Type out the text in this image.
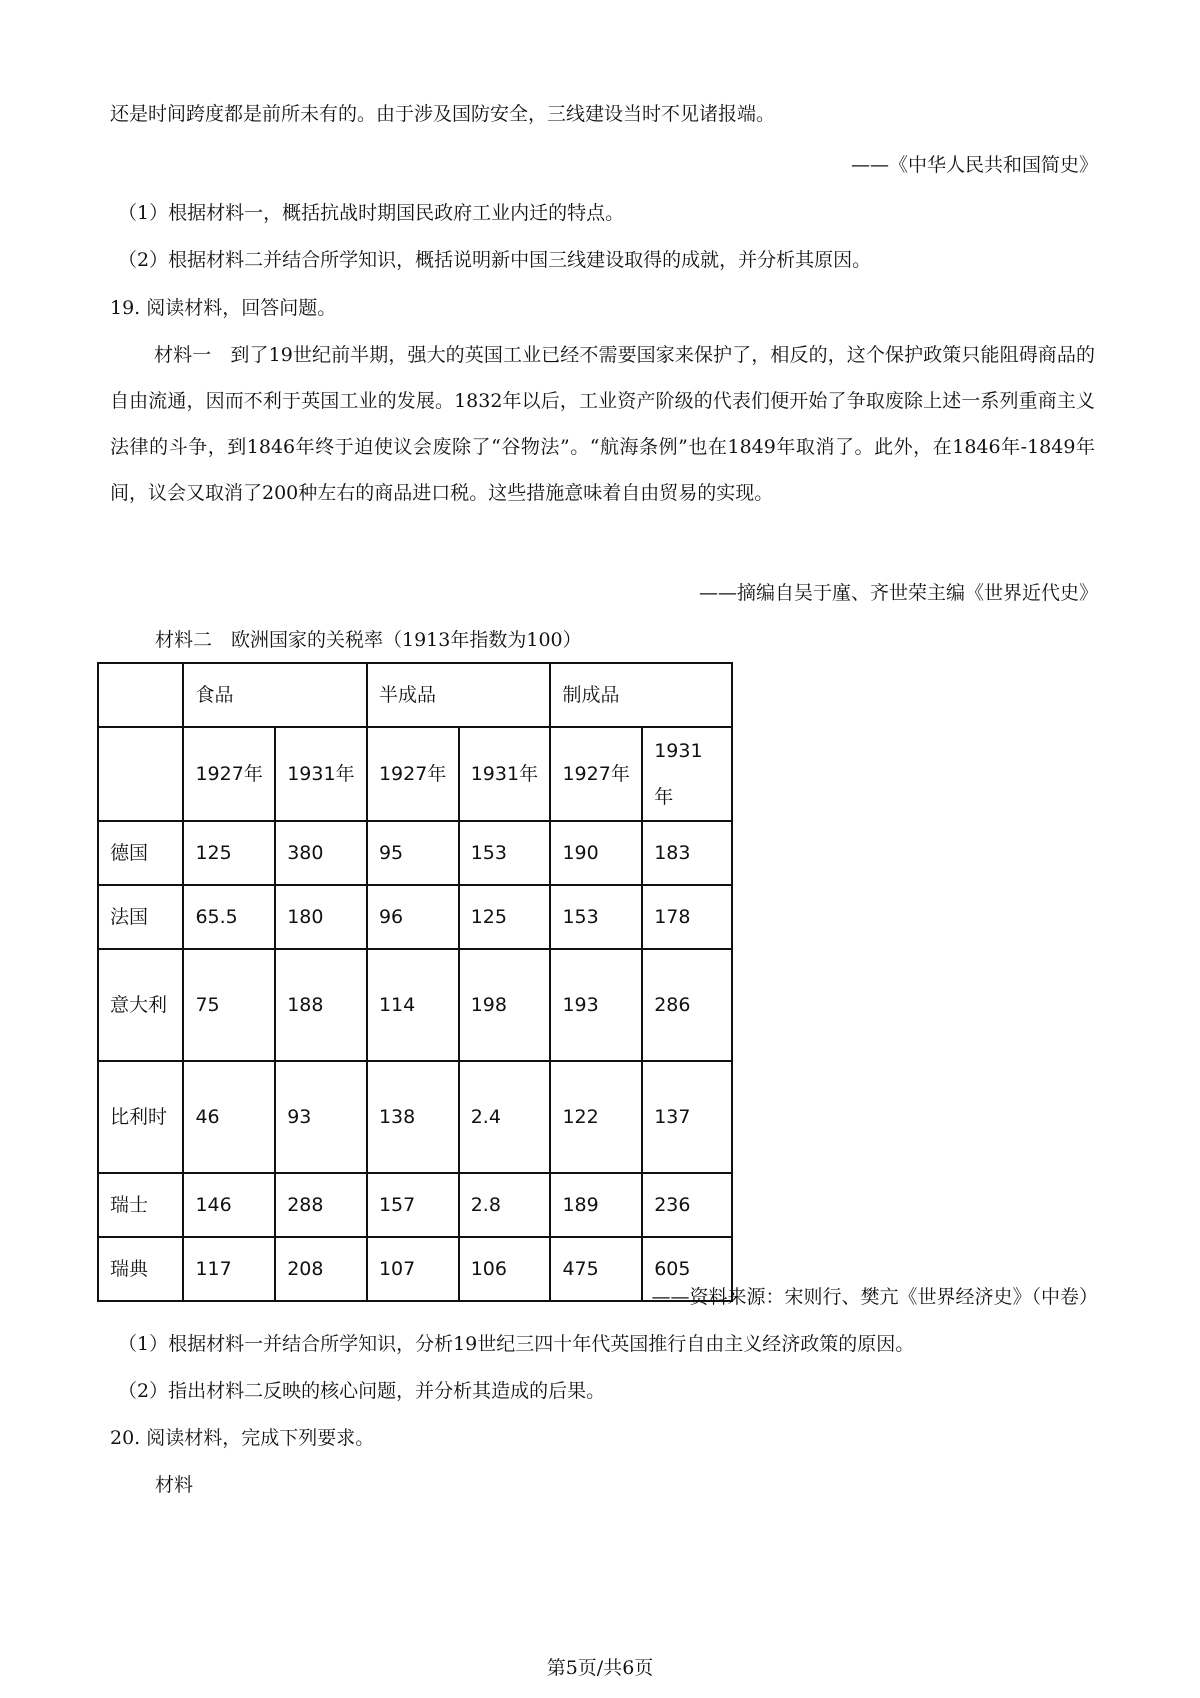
还是时间跨度都是前所未有的。由于涉及国防安全，三线建设当时不见诸报端。
——《中华人民共和国简史》
（1）根据材料一，概括抗战时期国民政府工业内迁的特点。
（2）根据材料二并结合所学知识，概括说明新中国三线建设取得的成就，并分析其原因。
19. 阅读材料，回答问题。
材料一　到了19世纪前半期，强大的英国工业已经不需要国家来保护了，相反的，这个保护政策只能阻碍商品的自由流通，因而不利于英国工业的发展。1832年以后，工业资产阶级的代表们便开始了争取废除上述一系列重商主义法律的斗争，到1846年终于迫使议会废除了“谷物法”。“航海条例”也在1849年取消了。此外，在1846年-1849年间，议会又取消了200种左右的商品进口税。这些措施意味着自由贸易的实现。
——摘编自吴于廑、齐世荣主编《世界近代史》
材料二　欧洲国家的关税率（1913年指数为100）
	食品		半成品		制成品	
	1927年	1931年	1927年	1931年	1927年	1931年
德国	125	380	95	153	190	183
法国	65.5	180	96	125	153	178
意大利	75	188	114	198	193	286
比利时	46	93	138	2.4	122	137
瑞士	146	288	157	2.8	189	236
瑞典	117	208	107	106	475	605
——资料来源：宋则行、樊亢《世界经济史》（中卷）
（1）根据材料一并结合所学知识，分析19世纪三四十年代英国推行自由主义经济政策的原因。
（2）指出材料二反映的核心问题，并分析其造成的后果。
20. 阅读材料，完成下列要求。
材料
第5页/共6页
